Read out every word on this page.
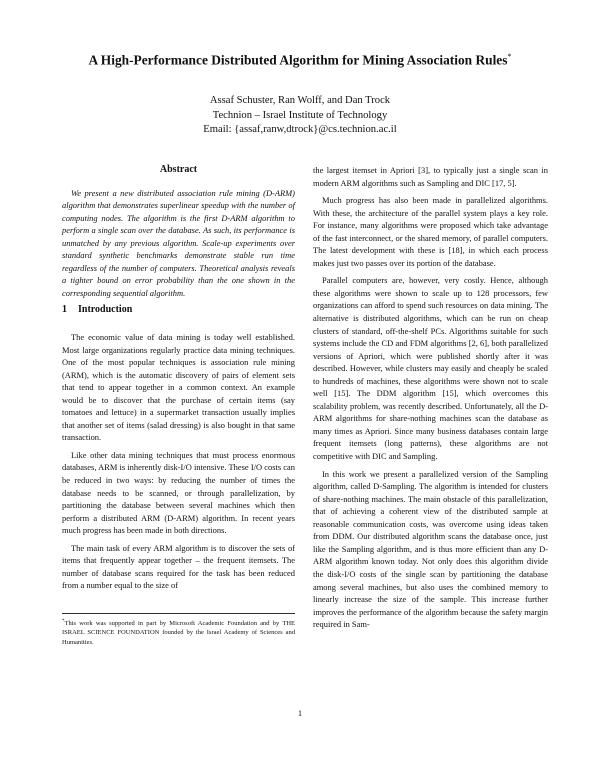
A High-Performance Distributed Algorithm for Mining Association Rules*
Assaf Schuster, Ran Wolff, and Dan Trock
Technion – Israel Institute of Technology
Email: {assaf,ranw,dtrock}@cs.technion.ac.il
Abstract

We present a new distributed association rule mining (D-ARM) algorithm that demonstrates superlinear speedup with the number of computing nodes. The algorithm is the first D-ARM algorithm to perform a single scan over the database. As such, its performance is unmatched by any previous algorithm. Scale-up experiments over standard synthetic benchmarks demonstrate stable run time regardless of the number of computers. Theoretical analysis reveals a tighter bound on error probability than the one shown in the corresponding sequential algorithm.

1 Introduction

The economic value of data mining is today well established. Most large organizations regularly practice data mining techniques. One of the most popular techniques is association rule mining (ARM), which is the automatic discovery of pairs of element sets that tend to appear together in a common context. An example would be to discover that the purchase of certain items (say tomatoes and lettuce) in a supermarket transaction usually implies that another set of items (salad dressing) is also bought in that same transaction.

Like other data mining techniques that must process enormous databases, ARM is inherently disk-I/O intensive. These I/O costs can be reduced in two ways: by reducing the number of times the database needs to be scanned, or through parallelization, by partitioning the database between several machines which then perform a distributed ARM (D-ARM) algorithm. In recent years much progress has been made in both directions.

The main task of every ARM algorithm is to discover the sets of items that frequently appear together – the frequent itemsets. The number of database scans required for the task has been reduced from a number equal to the size of

*This work was supported in part by Microsoft Academic Foundation and by THE ISRAEL SCIENCE FOUNDATION founded by the Israel Academy of Sciences and Humanities.

the largest itemset in Apriori [3], to typically just a single scan in modern ARM algorithms such as Sampling and DIC [17, 5].

Much progress has also been made in parallelized algorithms. With these, the architecture of the parallel system plays a key role. For instance, many algorithms were proposed which take advantage of the fast interconnect, or the shared memory, of parallel computers. The latest development with these is [18], in which each process makes just two passes over its portion of the database.

Parallel computers are, however, very costly. Hence, although these algorithms were shown to scale up to 128 processors, few organizations can afford to spend such resources on data mining. The alternative is distributed algorithms, which can be run on cheap clusters of standard, off-the-shelf PCs. Algorithms suitable for such systems include the CD and FDM algorithms [2, 6], both parallelized versions of Apriori, which were published shortly after it was described. However, while clusters may easily and cheaply be scaled to hundreds of machines, these algorithms were shown not to scale well [15]. The DDM algorithm [15], which overcomes this scalability problem, was recently described. Unfortunately, all the D-ARM algorithms for share-nothing machines scan the database as many times as Apriori. Since many business databases contain large frequent itemsets (long patterns), these algorithms are not competitive with DIC and Sampling.

In this work we present a parallelized version of the Sampling algorithm, called D-Sampling. The algorithm is intended for clusters of share-nothing machines. The main obstacle of this parallelization, that of achieving a coherent view of the distributed sample at reasonable communication costs, was overcome using ideas taken from DDM. Our distributed algorithm scans the database once, just like the Sampling algorithm, and is thus more efficient than any D-ARM algorithm known today. Not only does this algorithm divide the disk-I/O costs of the single scan by partitioning the database among several machines, but also uses the combined memory to linearly increase the size of the sample. This increase further improves the performance of the algorithm because the safety margin required in Sam-

1
